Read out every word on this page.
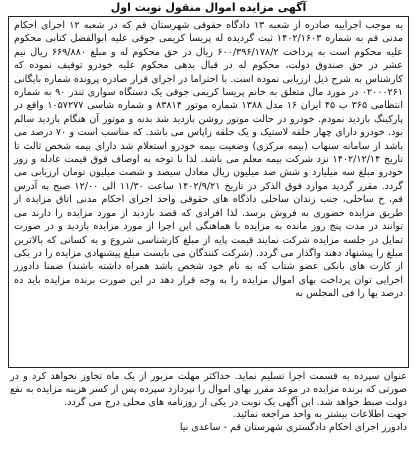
آگهی مزایده اموال منقول نوبت اول

به موجب اجراییه صادره از شعبه ۱۳ دادگاه حقوقی شهرستان قم که در شعبه ۱۲ اجرای احکام مدنی قم به شماره ۱۴۰۲/۱۶۰۳ ثبت گردیده له پریسا کریمی جوقی علیه ابوالفضل کتابی محکوم علیه محکوم است به پرداخت ۶۰۰/۳۹۶/۱۷۸/۲ ریال در حق محکوم له و مبلغ ۶۶۹/۸۸۰ ریال نیم عشر در حق صندوق دولت، محکوم له در قبال بدهی محکوم علیه خودرو توقیف نموده که کارشناس به شرح ذیل ارزیابی نموده است. با احتراما در اجرای قرار صادره پرونده شماره بایگانی ۰۲۰۰۰۲۶۱ در مورد مال متعلق به خانم پریسا کریمی جوقی یک دستگاه سواری تندر ۹۰ به شماره انتظامی ۳۶۵ ب ۴۵ ایران ۱۶ مدل ۱۳۸۸ شماره موتور ۸۳۸۱۴ و شماره شاسی ۱۰۵۷۲۷۷ واقع در پارکینگ بازدید نمودم. خودرو در حالت موتور روشن بازدید شد بدنه و موتور آن هنگام بازدید سالم بود. خودرو دارای چهار حلقه لاستیک و یک حلقه زاپاس می باشد. که مناسب است و ۷۰ درصد می باشد از سامانه سنهاب (بیمه مرکزی) وضعیت بیمه خودرو استعلام شد دارای بیمه شخص ثالث تا تاریخ ۱۴۰۲/۱۲/۱۴ نزد شرکت بیمه معلم می باشد. لذا با توجه به اوصاف فوق قیمت عادله و روز خودرو مبلغ سه میلیارد و شش صد میلیون ریال معادل سیصد و شصت میلیون تومان ارزیابی می گردد. مقرر گردید موارد فوق الذکر در تاریخ ۱۴۰۲/۹/۲۱ ساعت ۱۱/۳۰ الی ۱۲/۰۰ صبح به آدرس قم، خ ساحلی، جنب زندان ساحلی دادگاه های حقوقی واحد اجرای احکام مدنی اتاق مزایده از طریق مزایده حضوری به فروش برسد. لذا افرادی که قصد بازدید از مورد مزایده را دارند می توانند در مدت پنج روز مانده به مزایده با هماهنگی این اجرا از مورد مزایده بازدید و در صورت تمایل در جلسه مزایده شرکت نمایند قیمت پایه از مبلغ کارشناسی شروع و به کسانی که بالاترین مبلغ را پیشنهاد دهند واگذار می گردد. (شرکت کنندگان می بایست مبلغ پیشنهادی مزایده را در یکی از کارت های بانکی عضو شتاب که به نام خود شخص باشد همراه داشته باشند) ضمنا دادورز اجرایی توان پرداخت بهای اموال مزایده را به وجه قرار دهد در این صورت برنده مزایده باید ده درصد بها را فی المجلس به

عنوان سپرده به قسمت اجرا تسلیم نماید. حداکثر مهلت مزبور از یک ماه تجاوز نخواهد کرد و در صورتی که برنده مزایده در موعد مقرر بهای اموال را نپردازد سپرده پس از کسر هزینه مزایده به نفع دولت ضبط خواهد شد. این آگهی یک نوبت در یکی از روزنامه های محلی درج می گردد.

جهت اطلاعات بیشتر به واحد مراجعه نمائید.

دادورز اجرای احکام دادگستری شهرستان قم - ساعدی نیا
